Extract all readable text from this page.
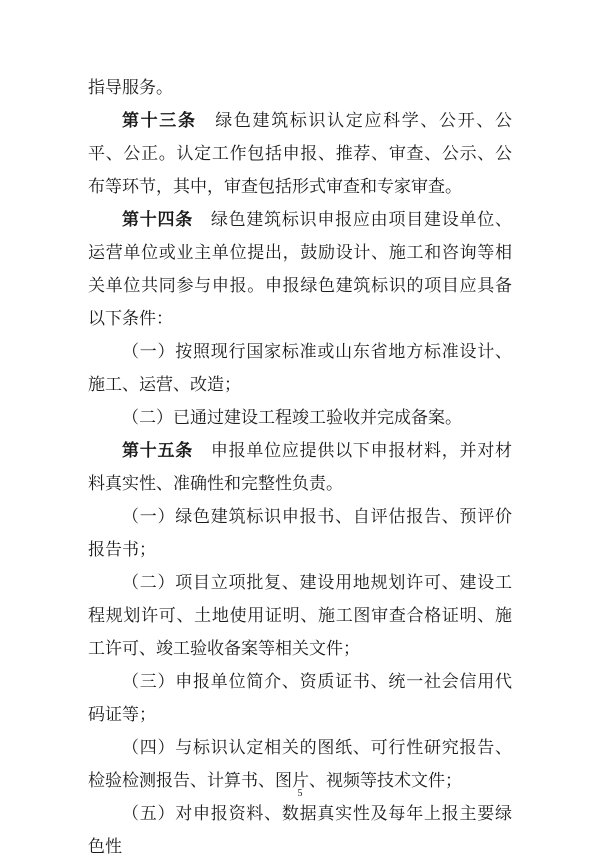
指导服务。

第十三条　绿色建筑标识认定应科学、公开、公平、公正。认定工作包括申报、推荐、审查、公示、公布等环节，其中，审查包括形式审查和专家审查。

第十四条　绿色建筑标识申报应由项目建设单位、运营单位或业主单位提出，鼓励设计、施工和咨询等相关单位共同参与申报。申报绿色建筑标识的项目应具备以下条件：

（一）按照现行国家标准或山东省地方标准设计、施工、运营、改造；

（二）已通过建设工程竣工验收并完成备案。

第十五条　申报单位应提供以下申报材料，并对材料真实性、准确性和完整性负责。

（一）绿色建筑标识申报书、自评估报告、预评价报告书；

（二）项目立项批复、建设用地规划许可、建设工程规划许可、土地使用证明、施工图审查合格证明、施工许可、竣工验收备案等相关文件；

（三）申报单位简介、资质证书、统一社会信用代码证等；

（四）与标识认定相关的图纸、可行性研究报告、检验检测报告、计算书、图片、视频等技术文件；

（五）对申报资料、数据真实性及每年上报主要绿色性

5
